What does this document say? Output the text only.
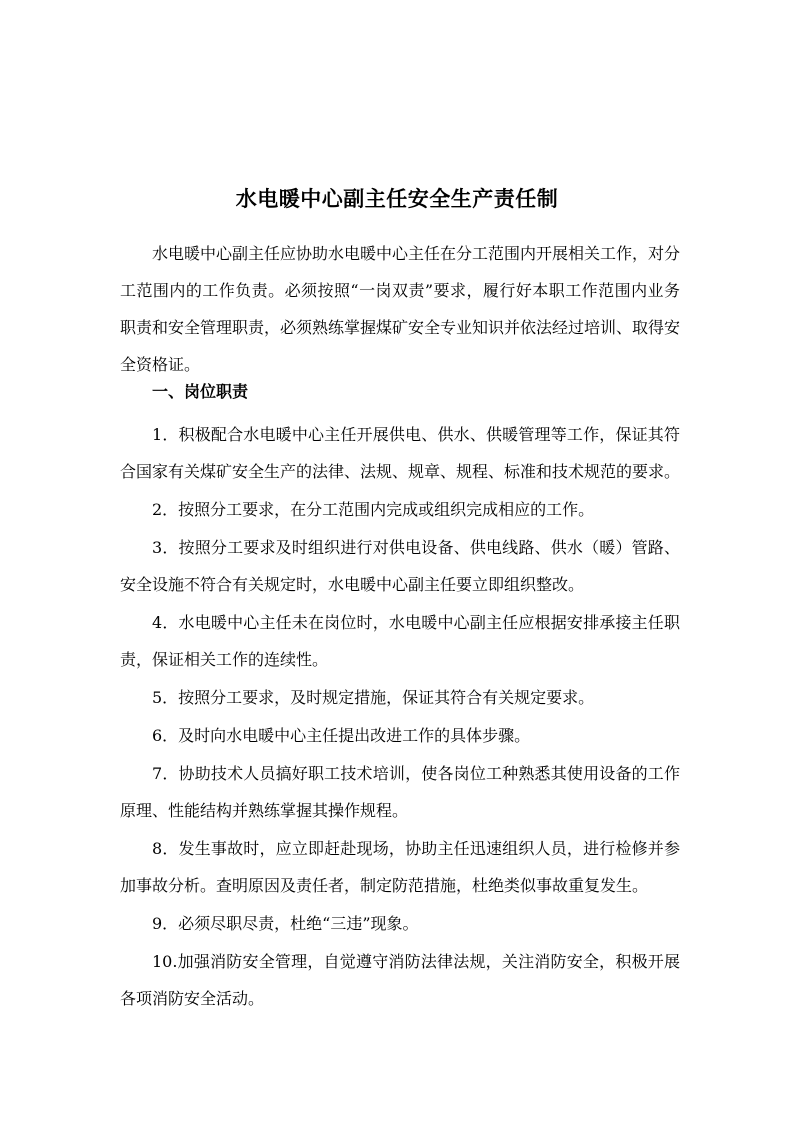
水电暖中心副主任安全生产责任制

水电暖中心副主任应协助水电暖中心主任在分工范围内开展相关工作，对分工范围内的工作负责。必须按照“一岗双责”要求，履行好本职工作范围内业务职责和安全管理职责，必须熟练掌握煤矿安全专业知识并依法经过培训、取得安全资格证。

一、岗位职责

1．积极配合水电暖中心主任开展供电、供水、供暖管理等工作，保证其符合国家有关煤矿安全生产的法律、法规、规章、规程、标准和技术规范的要求。

2．按照分工要求，在分工范围内完成或组织完成相应的工作。

3．按照分工要求及时组织进行对供电设备、供电线路、供水（暖）管路、安全设施不符合有关规定时，水电暖中心副主任要立即组织整改。

4．水电暖中心主任未在岗位时，水电暖中心副主任应根据安排承接主任职责，保证相关工作的连续性。

5．按照分工要求，及时规定措施，保证其符合有关规定要求。

6．及时向水电暖中心主任提出改进工作的具体步骤。

7．协助技术人员搞好职工技术培训，使各岗位工种熟悉其使用设备的工作原理、性能结构并熟练掌握其操作规程。

8．发生事故时，应立即赶赴现场，协助主任迅速组织人员，进行检修并参加事故分析。查明原因及责任者，制定防范措施，杜绝类似事故重复发生。

9．必须尽职尽责，杜绝“三违”现象。

10.加强消防安全管理，自觉遵守消防法律法规，关注消防安全，积极开展各项消防安全活动。
